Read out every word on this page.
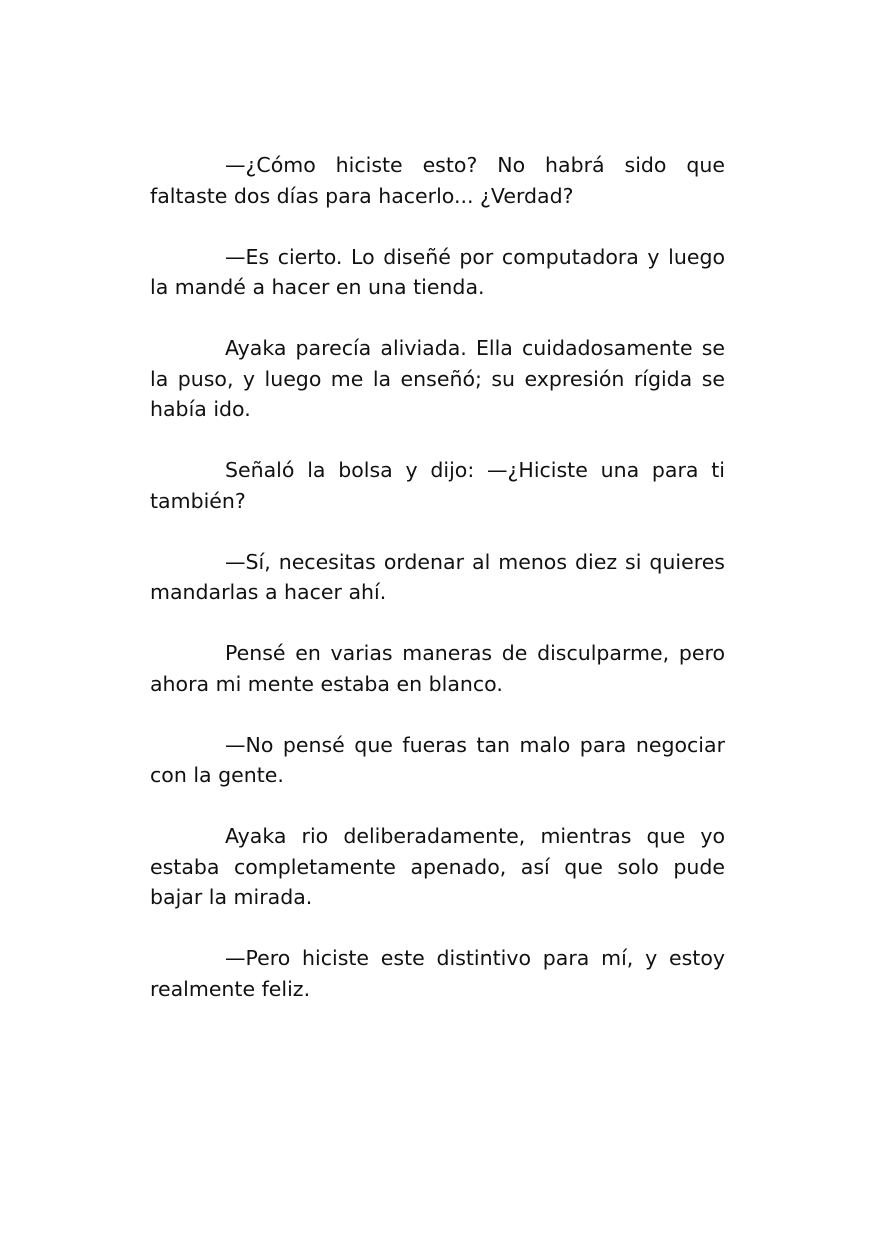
—¿Cómo hiciste esto? No habrá sido que faltaste dos días para hacerlo... ¿Verdad?

—Es cierto. Lo diseñé por computadora y luego la mandé a hacer en una tienda.

Ayaka parecía aliviada. Ella cuidadosamente se la puso, y luego me la enseñó; su expresión rígida se había ido.

Señaló la bolsa y dijo: —¿Hiciste una para ti también?

—Sí, necesitas ordenar al menos diez si quieres mandarlas a hacer ahí.

Pensé en varias maneras de disculparme, pero ahora mi mente estaba en blanco.

—No pensé que fueras tan malo para negociar con la gente.

Ayaka rio deliberadamente, mientras que yo estaba completamente apenado, así que solo pude bajar la mirada.

—Pero hiciste este distintivo para mí, y estoy realmente feliz.
